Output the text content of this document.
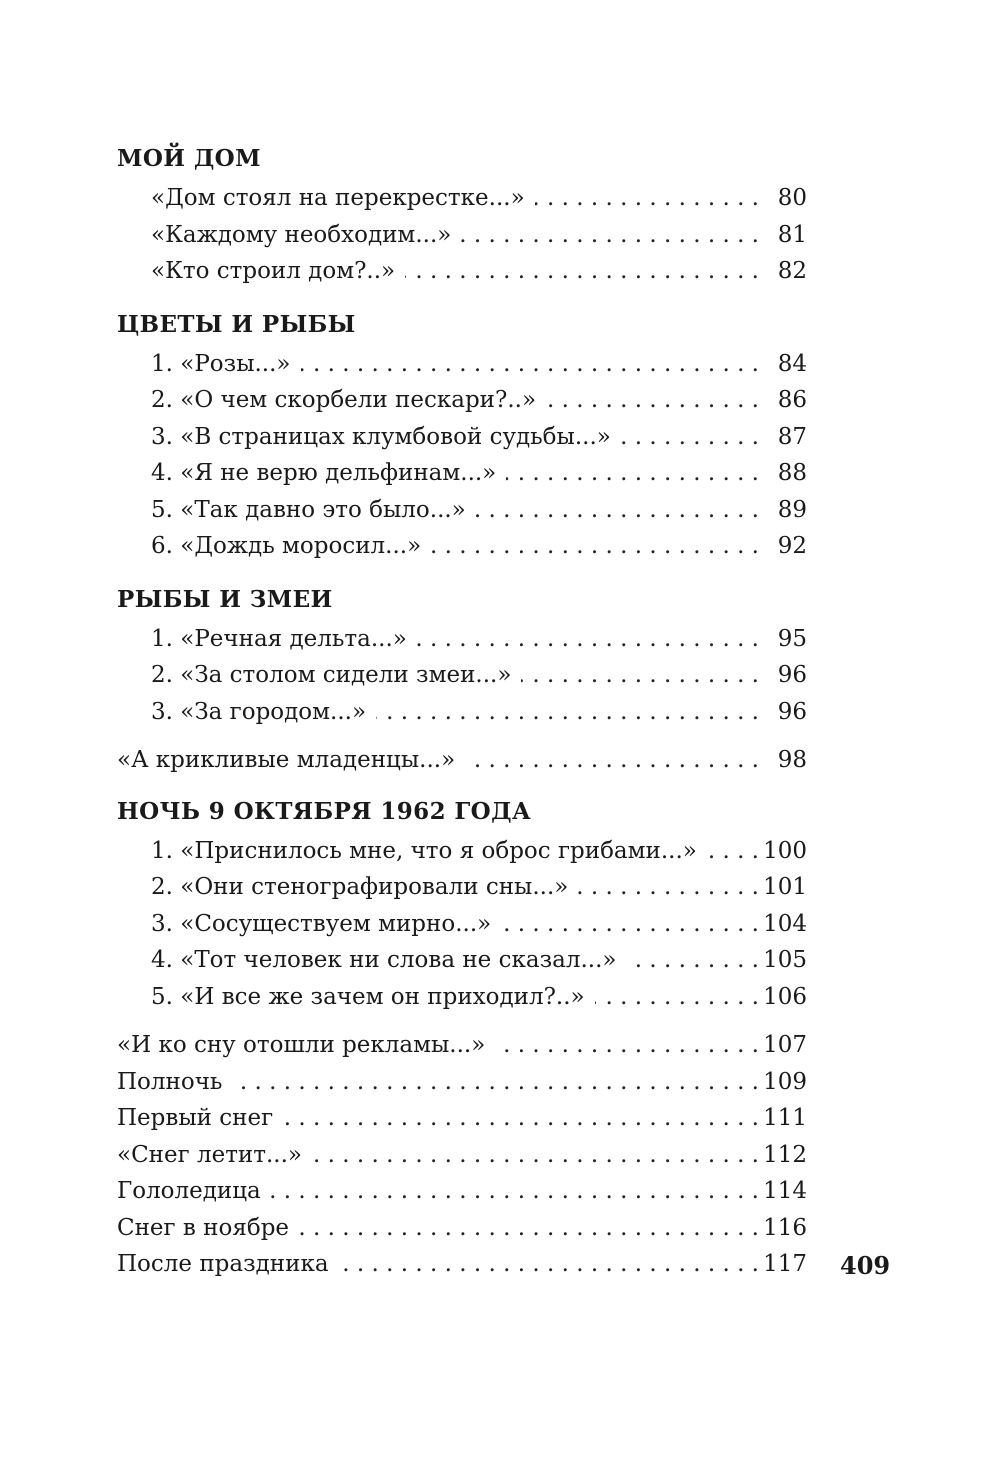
МОЙ ДОМ
«Дом стоял на перекрестке...» . . .	80
«Каждому необходим...» . . .	81
«Кто строил дом?..» . . .	82
ЦВЕТЫ И РЫБЫ
1. «Розы...» . . .	84
2. «О чем скорбели пескари?..» . . .	86
3. «В страницах клумбовой судьбы...» . . .	87
4. «Я не верю дельфинам...» . . .	88
5. «Так давно это было...» . . .	89
6. «Дождь моросил...» . . .	92
РЫБЫ И ЗМЕИ
1. «Речная дельта...» . . .	95
2. «За столом сидели змеи...» . . .	96
3. «За городом...» . . .	96
«А крикливые младенцы...» . . .	98
НОЧЬ 9 ОКТЯБРЯ 1962 ГОДА
1. «Приснилось мне, что я оброс грибами...» . . .	100
2. «Они стенографировали сны...» . . .	101
3. «Сосуществуем мирно...» . . .	104
4. «Тот человек ни слова не сказал...» . . .	105
5. «И все же зачем он приходил?..» . . .	106
«И ко сну отошли рекламы...» . . .	107
Полночь . . .	109
Первый снег . . .	111
«Снег летит...» . . .	112
Гололедица . . .	114
Снег в ноябре . . .	116
После праздника . . .	117 409
